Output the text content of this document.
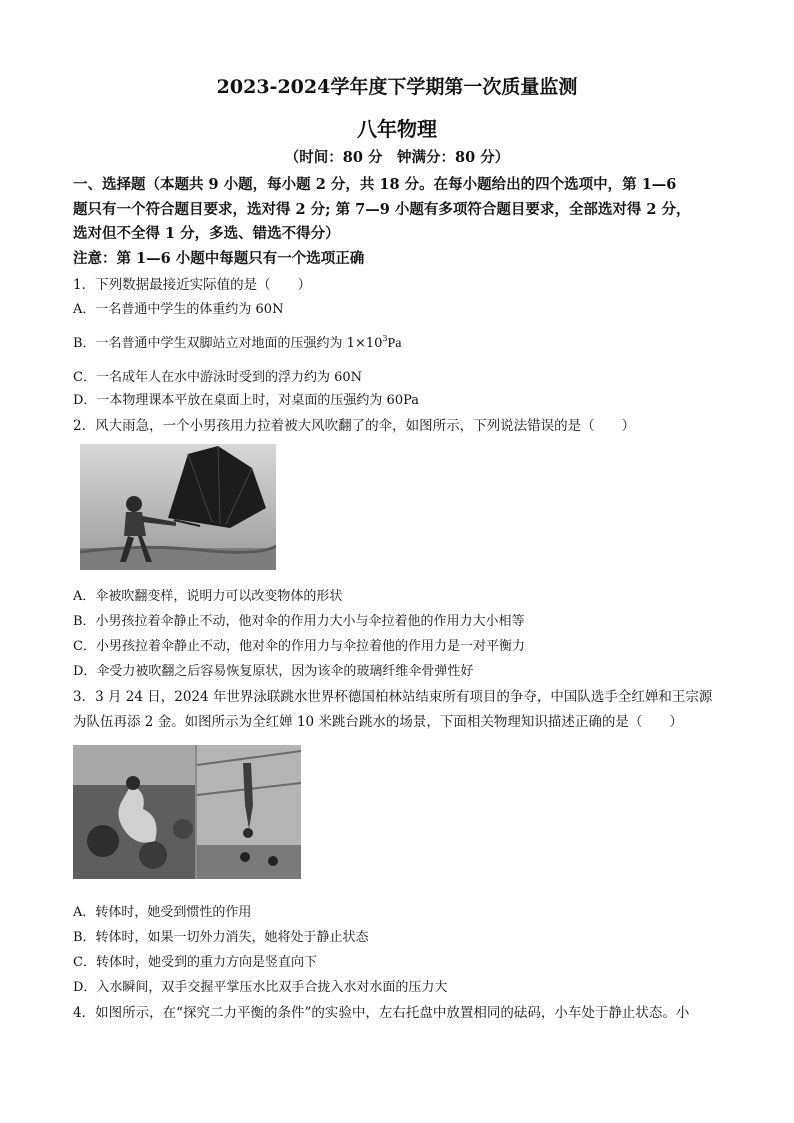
2023-2024学年度下学期第一次质量监测
八年物理
（时间：80 分　钟满分：80 分）
一、选择题（本题共 9 小题，每小题 2 分，共 18 分。在每小题给出的四个选项中，第 1—6
题只有一个符合题目要求，选对得 2 分; 第 7—9 小题有多项符合题目要求，全部选对得 2 分，
选对但不全得 1 分，多选、错选不得分）
注意：第 1—6 小题中每题只有一个选项正确
1．下列数据最接近实际值的是（　　）
A．一名普通中学生的体重约为 60N
B．一名普通中学生双脚站立对地面的压强约为 $1\times 10^3Pa$
C．一名成年人在水中游泳时受到的浮力约为 60N
D．一本物理课本平放在桌面上时，对桌面的压强约为 60Pa
2．风大雨急，一个小男孩用力拉着被大风吹翻了的伞，如图所示，下列说法错误的是（　　）
A．伞被吹翻变样，说明力可以改变物体的形状
B．小男孩拉着伞静止不动，他对伞的作用力大小与伞拉着他的作用力大小相等
C．小男孩拉着伞静止不动，他对伞的作用力与伞拉着他的作用力是一对平衡力
D．伞受力被吹翻之后容易恢复原状，因为该伞的玻璃纤维伞骨弹性好
3．3 月 24 日，2024 年世界泳联跳水世界杯德国柏林站结束所有项目的争夺，中国队选手全红婵和王宗源
为队伍再添 2 金。如图所示为全红婵 10 米跳台跳水的场景，下面相关物理知识描述正确的是（　　）
A．转体时，她受到惯性的作用
B．转体时，如果一切外力消失，她将处于静止状态
C．转体时，她受到的重力方向是竖直向下
D．入水瞬间，双手交握平掌压水比双手合拢入水对水面的压力大
4．如图所示，在“探究二力平衡的条件”的实验中，左右托盘中放置相同的砝码，小车处于静止状态。小
